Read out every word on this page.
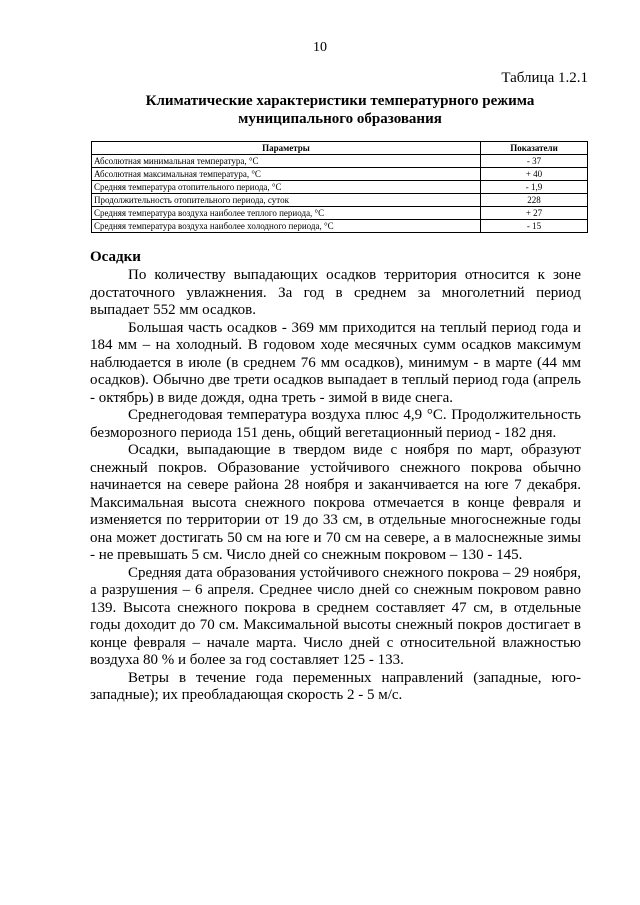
10
Таблица 1.2.1
Климатические характеристики температурного режима
муниципального образования
Параметры	Показатели
Абсолютная минимальная температура, °С	- 37
Абсолютная максимальная температура, °С	+ 40
Средняя температура отопительного периода, °С	- 1,9
Продолжительность отопительного периода, суток	228
Средняя температура воздуха наиболее теплого периода, °С	+ 27
Средняя температура воздуха наиболее холодного периода, °С	- 15
Осадки

По количеству выпадающих осадков территория относится к зоне достаточного увлажнения. За год в среднем за многолетний период выпадает 552 мм осадков.

Большая часть осадков - 369 мм приходится на теплый период года и 184 мм – на холодный. В годовом ходе месячных сумм осадков максимум наблюдается в июле (в среднем 76 мм осадков), минимум - в марте (44 мм осадков). Обычно две трети осадков выпадает в теплый период года (апрель - октябрь) в виде дождя, одна треть - зимой в виде снега.

Среднегодовая температура воздуха плюс 4,9 °С. Продолжительность безморозного периода 151 день, общий вегетационный период - 182 дня.

Осадки, выпадающие в твердом виде с ноября по март, образуют снежный покров. Образование устойчивого снежного покрова обычно начинается на севере района 28 ноября и заканчивается на юге 7 декабря. Максимальная высота снежного покрова отмечается в конце февраля и изменяется по территории от 19 до 33 см, в отдельные многоснежные годы она может достигать 50 см на юге и 70 см на севере, а в малоснежные зимы - не превышать 5 см. Число дней со снежным покровом – 130 - 145.

Средняя дата образования устойчивого снежного покрова – 29 ноября, а разрушения – 6 апреля. Среднее число дней со снежным покровом равно 139. Высота снежного покрова в среднем составляет 47 см, в отдельные годы доходит до 70 см. Максимальной высоты снежный покров достигает в конце февраля – начале марта. Число дней с относительной влажностью воздуха 80 % и более за год составляет 125 - 133.

Ветры в течение года переменных направлений (западные, юго-западные); их преобладающая скорость 2 - 5 м/с.
